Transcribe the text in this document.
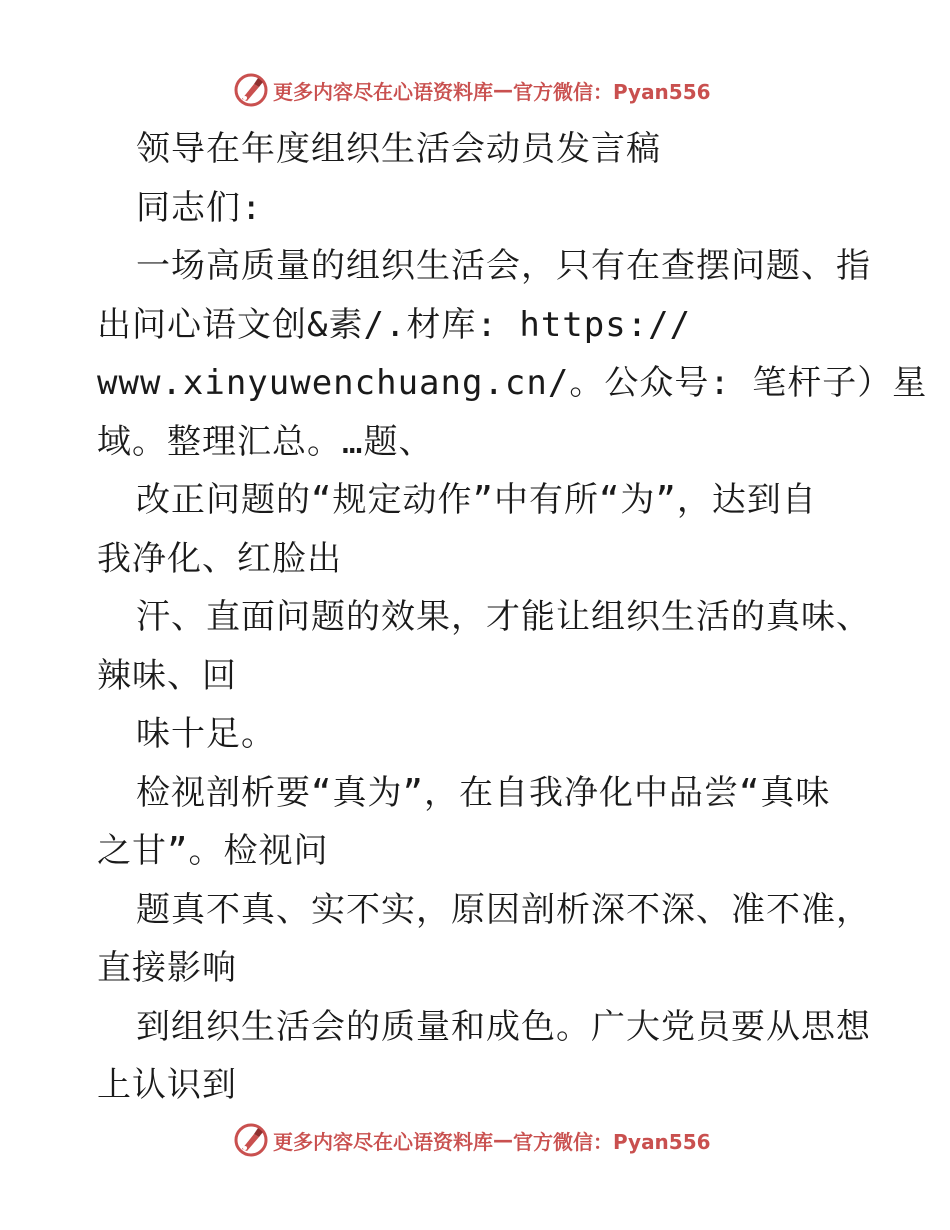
更多内容尽在心语资料库 — 官方微信：Pyan556
领导在年度组织生活会动员发言稿
同志们:
一场高质量的组织生活会，只有在查摆问题、指
出问心语文创&素/.材库: https://
www.xinyuwenchuang.cn/。公众号: 笔杆子）星
域。整理汇总。…题、
改正问题的“规定动作”中有所“为”，达到自
我净化、红脸出
汗、直面问题的效果，才能让组织生活的真味、
辣味、回
味十足。
检视剖析要“真为”，在自我净化中品尝“真味
之甘”。检视问
题真不真、实不实，原因剖析深不深、准不准，
直接影响
到组织生活会的质量和成色。广大党员要从思想
上认识到
更多内容尽在心语资料库 — 官方微信：Pyan556
